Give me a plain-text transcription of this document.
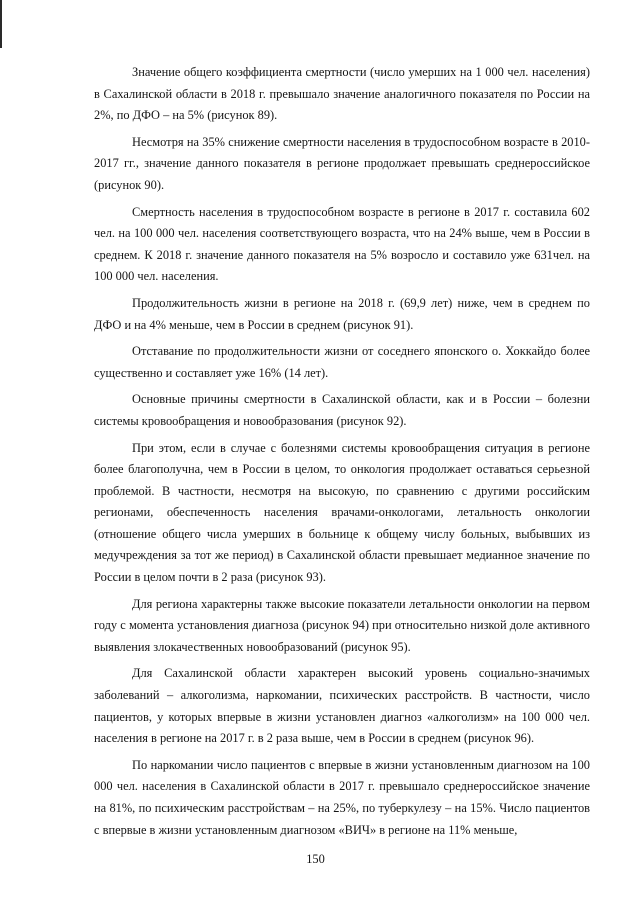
Значение общего коэффициента смертности (число умерших на 1 000 чел. населения) в Сахалинской области в 2018 г. превышало значение аналогичного показателя по России на 2%, по ДФО – на 5% (рисунок 89).

Несмотря на 35% снижение смертности населения в трудоспособном возрасте в 2010-2017 гг., значение данного показателя в регионе продолжает превышать среднероссийское (рисунок 90).

Смертность населения в трудоспособном возрасте в регионе в 2017 г. составила 602 чел. на 100 000 чел. населения соответствующего возраста, что на 24% выше, чем в России в среднем. К 2018 г. значение данного показателя на 5% возросло и составило уже 631чел. на 100 000 чел. населения.

Продолжительность жизни в регионе на 2018 г. (69,9 лет) ниже, чем в среднем по ДФО и на 4% меньше, чем в России в среднем (рисунок 91).

Отставание по продолжительности жизни от соседнего японского о. Хоккайдо более существенно и составляет уже 16% (14 лет).

Основные причины смертности в Сахалинской области, как и в России – болезни системы кровообращения и новообразования (рисунок 92).

При этом, если в случае с болезнями системы кровообращения ситуация в регионе более благополучна, чем в России в целом, то онкология продолжает оставаться серьезной проблемой. В частности, несмотря на высокую, по сравнению с другими российским регионами, обеспеченность населения врачами-онкологами, летальность онкологии (отношение общего числа умерших в больнице к общему числу больных, выбывших из медучреждения за тот же период) в Сахалинской области превышает медианное значение по России в целом почти в 2 раза (рисунок 93).

Для региона характерны также высокие показатели летальности онкологии на первом году с момента установления диагноза (рисунок 94) при относительно низкой доле активного выявления злокачественных новообразований (рисунок 95).

Для Сахалинской области характерен высокий уровень социально-значимых заболеваний – алкоголизма, наркомании, психических расстройств. В частности, число пациентов, у которых впервые в жизни установлен диагноз «алкоголизм» на 100 000 чел. населения в регионе на 2017 г. в 2 раза выше, чем в России в среднем (рисунок 96).

По наркомании число пациентов с впервые в жизни установленным диагнозом на 100 000 чел. населения в Сахалинской области в 2017 г. превышало среднероссийское значение на 81%, по психическим расстройствам – на 25%, по туберкулезу – на 15%. Число пациентов с впервые в жизни установленным диагнозом «ВИЧ» в регионе на 11% меньше,

150
